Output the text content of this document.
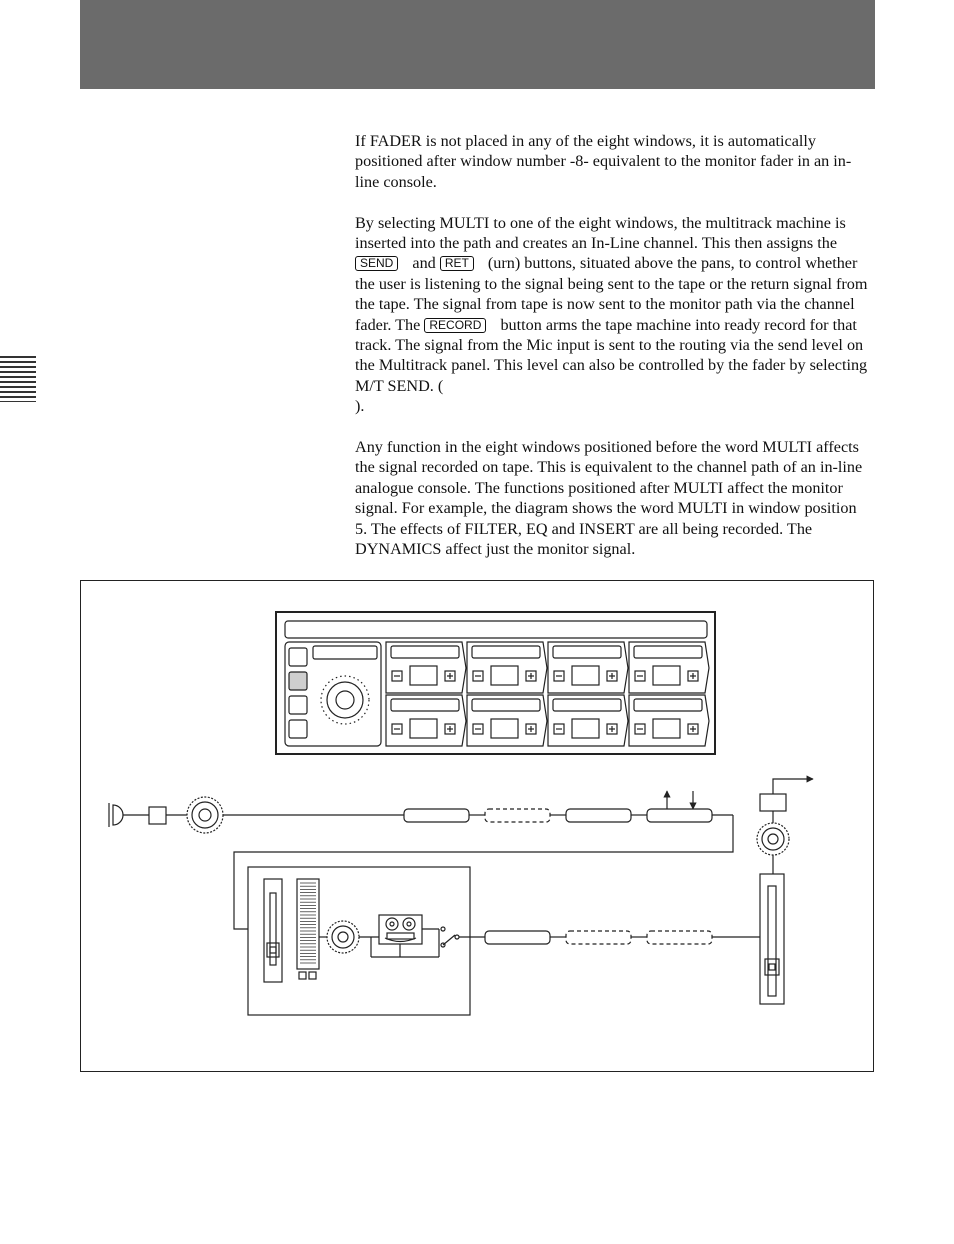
If FADER is not placed in any of the eight windows, it is automatically positioned after window number -8- equivalent to the monitor fader in an in-line console.

By selecting MULTI to one of the eight windows, the multitrack machine is inserted into the path and creates an In-Line channel. This then assigns the SEND and RET (urn) buttons, situated above the pans, to control whether the user is listening to the signal being sent to the tape or the return signal from the tape. The signal from tape is now sent to the monitor path via the channel fader. The RECORD button arms the tape machine into ready record for that track. The signal from the Mic input is sent to the routing via the send level on the Multitrack panel. This level can also be controlled by the fader by selecting M/T SEND. ().

Any function in the eight windows positioned before the word MULTI affects the signal recorded on tape. This is equivalent to the channel path of an in-line analogue console. The functions positioned after MULTI affect the monitor signal. For example, the diagram shows the word MULTI in window position 5. The effects of FILTER, EQ and INSERT are all being recorded. The DYNAMICS affect just the monitor signal.
